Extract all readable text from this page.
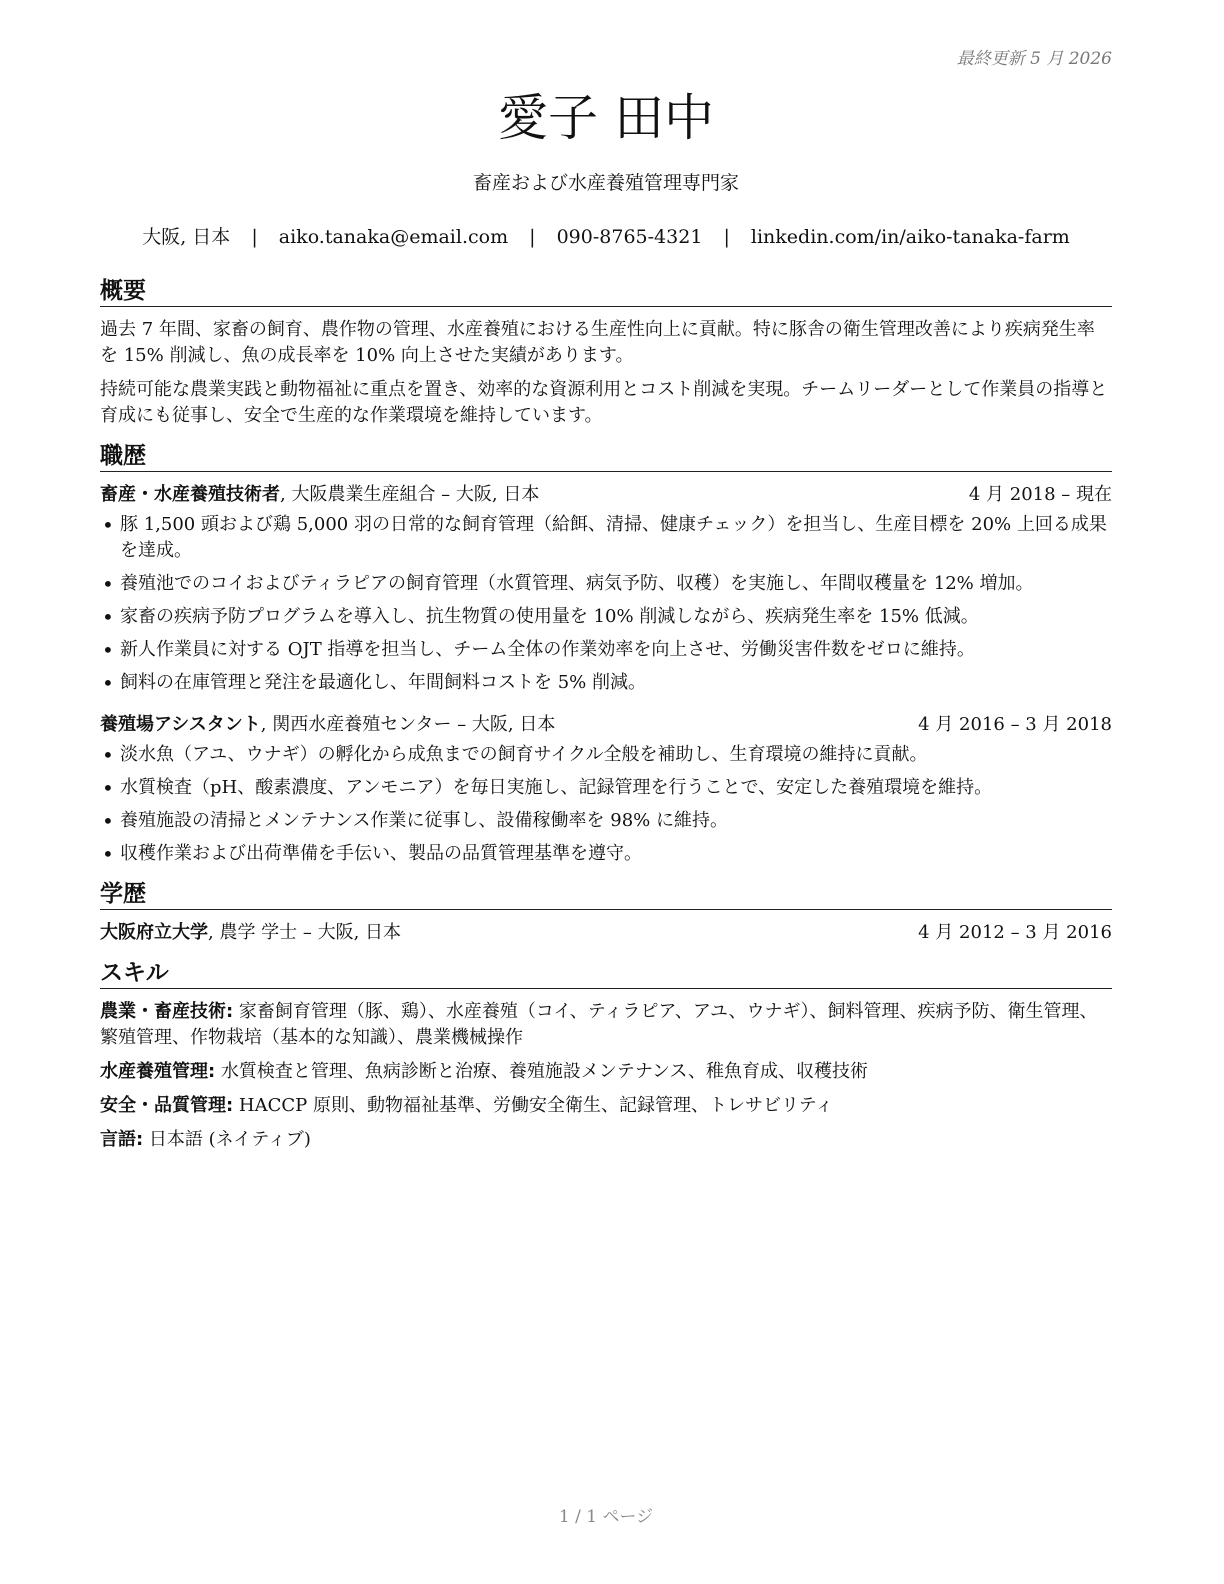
最終更新 5 月 2026
愛子 田中
畜産および水産養殖管理専門家
大阪, 日本 | aiko.tanaka@email.com | 090-8765-4321 | linkedin.com/in/aiko-tanaka-farm
概要

過去 7 年間、家畜の飼育、農作物の管理、水産養殖における生産性向上に貢献。特に豚舎の衛生管理改善により疾病発生率を 15% 削減し、魚の成長率を 10% 向上させた実績があります。

持続可能な農業実践と動物福祉に重点を置き、効率的な資源利用とコスト削減を実現。チームリーダーとして作業員の指導と育成にも従事し、安全で生産的な作業環境を維持しています。

職歴
畜産・水産養殖技術者, 大阪農業生産組合 – 大阪, 日本	4 月 2018 – 現在
• 豚 1,500 頭および鶏 5,000 羽の日常的な飼育管理（給餌、清掃、健康チェック）を担当し、生産目標を 20% 上回る成果を達成。
• 養殖池でのコイおよびティラピアの飼育管理（水質管理、病気予防、収穫）を実施し、年間収穫量を 12% 増加。
• 家畜の疾病予防プログラムを導入し、抗生物質の使用量を 10% 削減しながら、疾病発生率を 15% 低減。
• 新人作業員に対する OJT 指導を担当し、チーム全体の作業効率を向上させ、労働災害件数をゼロに維持。
• 飼料の在庫管理と発注を最適化し、年間飼料コストを 5% 削減。
養殖場アシスタント, 関西水産養殖センター – 大阪, 日本	4 月 2016 – 3 月 2018
• 淡水魚（アユ、ウナギ）の孵化から成魚までの飼育サイクル全般を補助し、生育環境の維持に貢献。
• 水質検査（pH、酸素濃度、アンモニア）を毎日実施し、記録管理を行うことで、安定した養殖環境を維持。
• 養殖施設の清掃とメンテナンス作業に従事し、設備稼働率を 98% に維持。
• 収穫作業および出荷準備を手伝い、製品の品質管理基準を遵守。
学歴
大阪府立大学, 農学 学士 – 大阪, 日本	4 月 2012 – 3 月 2016
スキル
農業・畜産技術: 家畜飼育管理（豚、鶏）、水産養殖（コイ、ティラピア、アユ、ウナギ）、飼料管理、疾病予防、衛生管理、繁殖管理、作物栽培（基本的な知識）、農業機械操作
水産養殖管理: 水質検査と管理、魚病診断と治療、養殖施設メンテナンス、稚魚育成、収穫技術
安全・品質管理: HACCP 原則、動物福祉基準、労働安全衛生、記録管理、トレサビリティ
言語: 日本語 (ネイティブ)
1 / 1 ページ
